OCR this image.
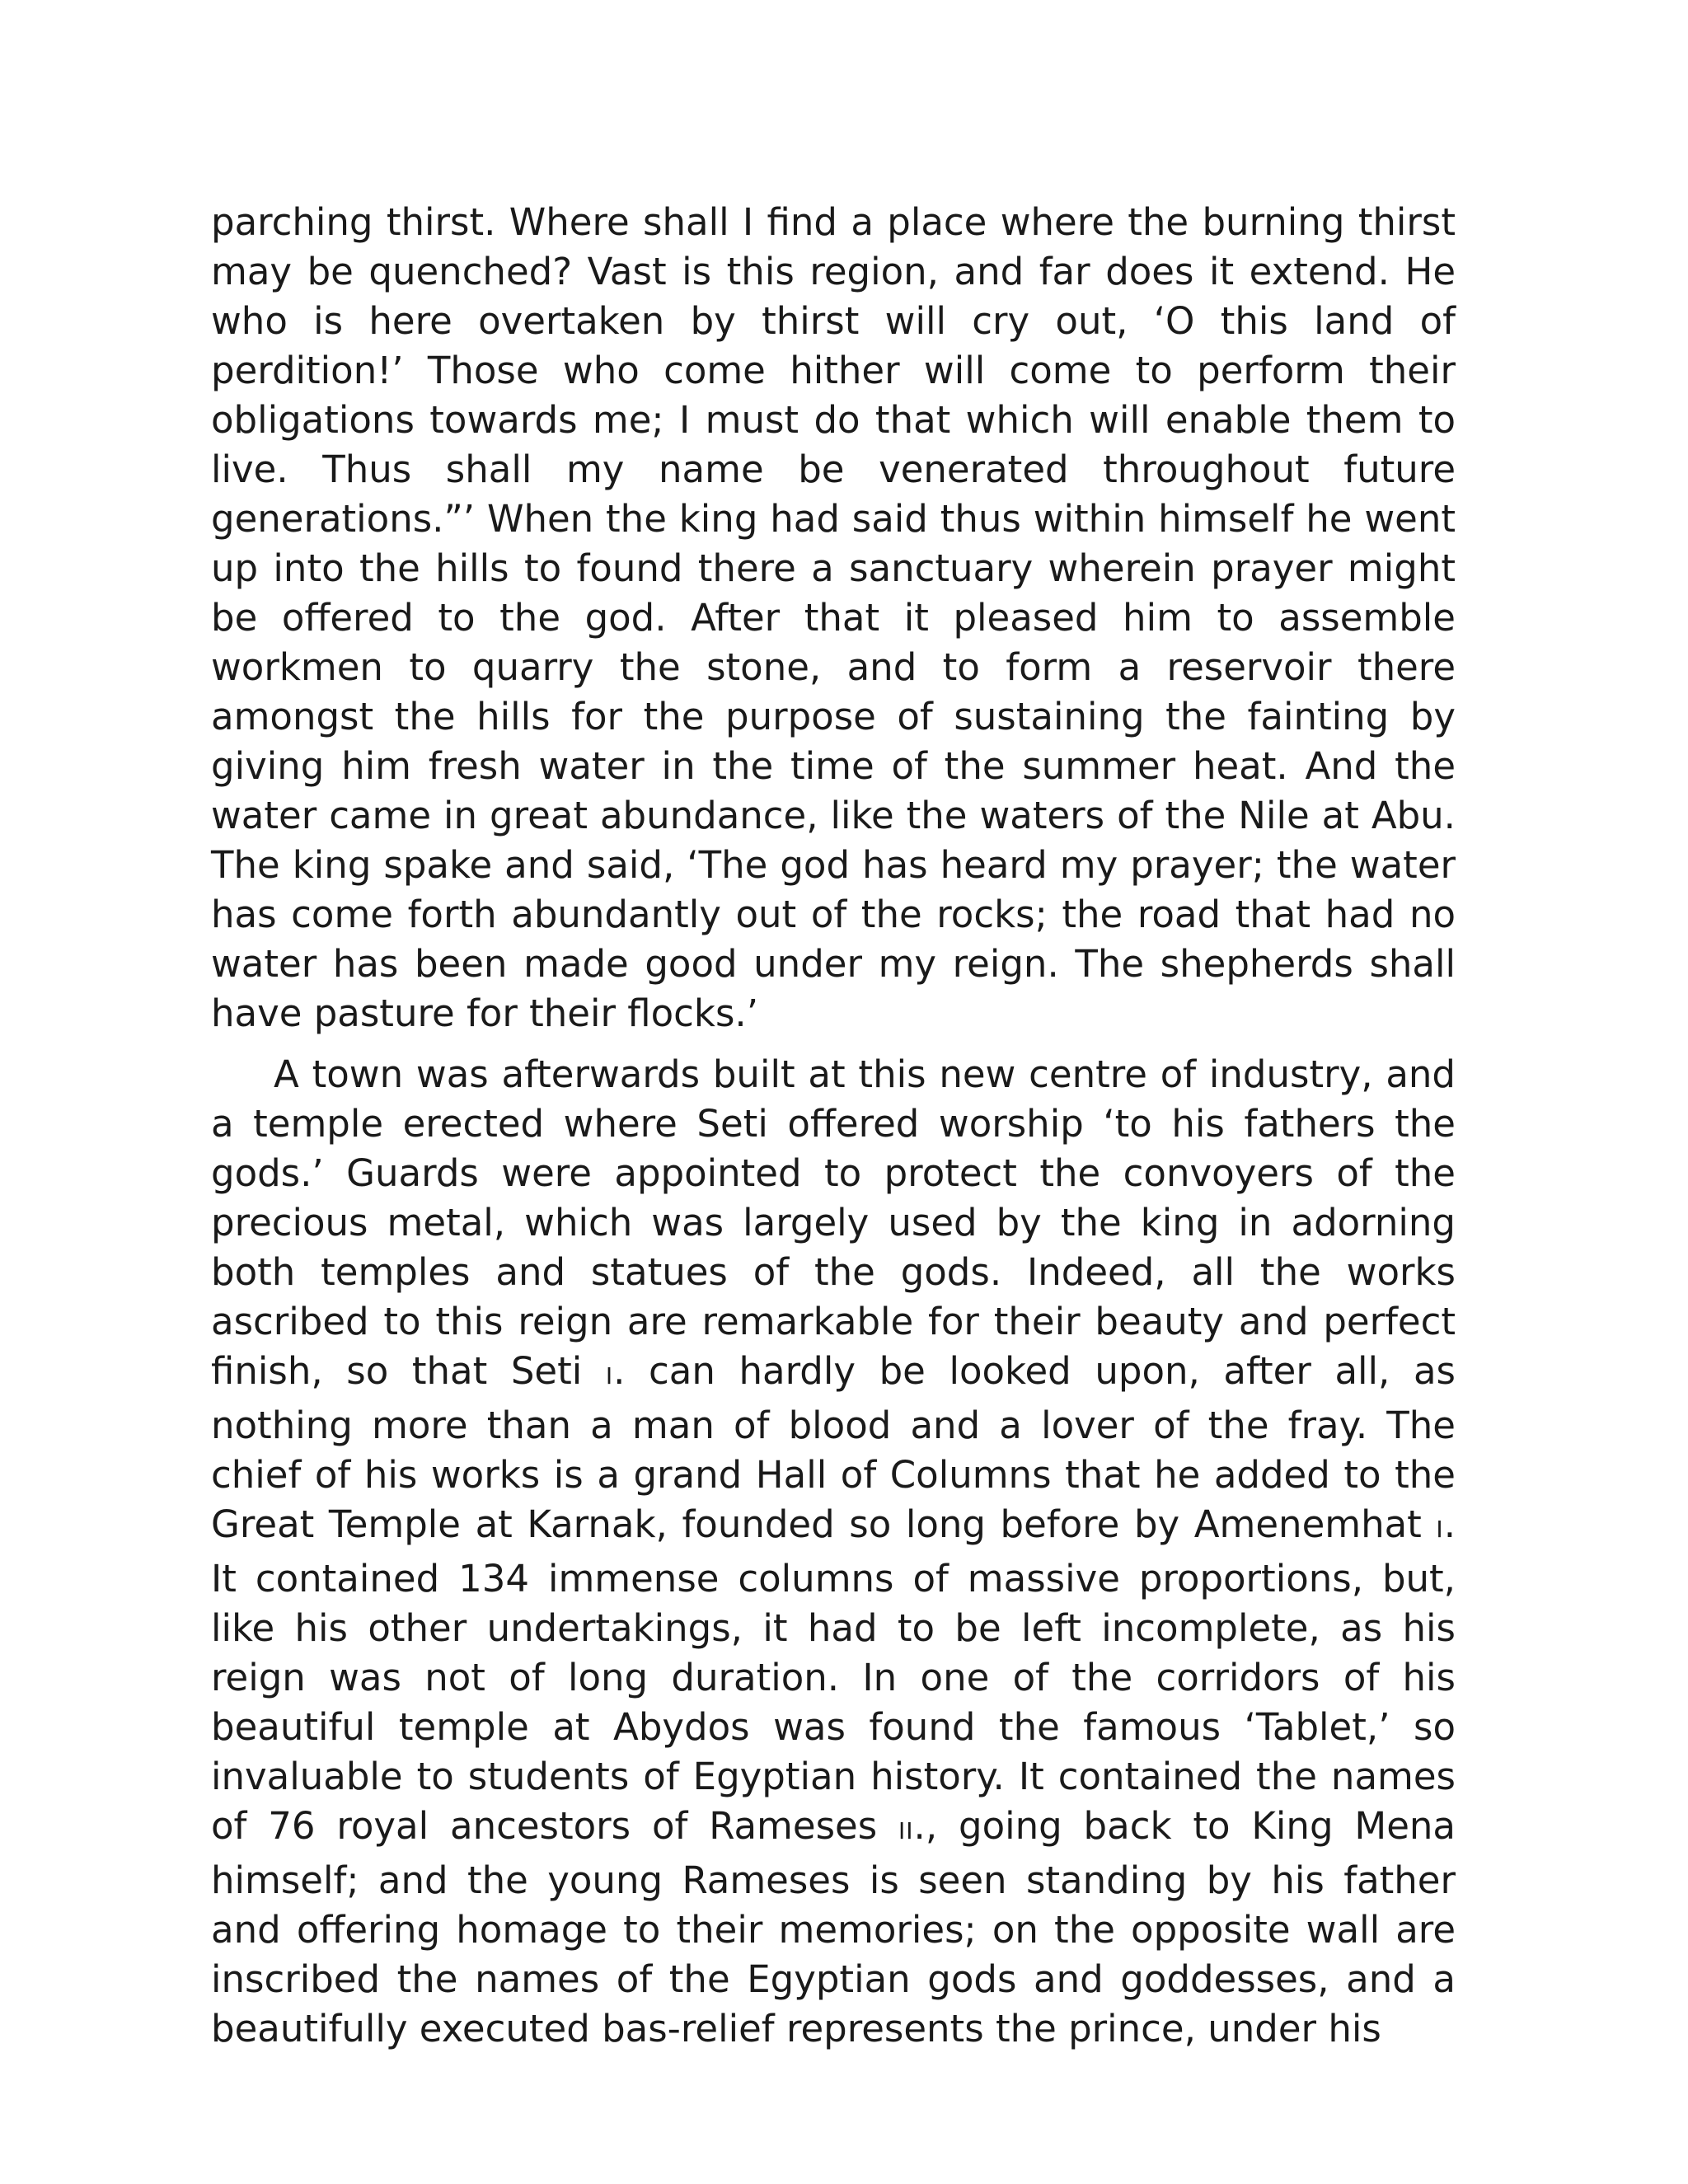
parching thirst. Where shall I find a place where the burning thirst may be quenched? Vast is this region, and far does it extend. He who is here overtaken by thirst will cry out, ‘O this land of perdition!’ Those who come hither will come to perform their obligations towards me; I must do that which will enable them to live. Thus shall my name be venerated throughout future generations.”’ When the king had said thus within himself he went up into the hills to found there a sanctuary wherein prayer might be offered to the god. After that it pleased him to assemble workmen to quarry the stone, and to form a reservoir there amongst the hills for the purpose of sustaining the fainting by giving him fresh water in the time of the summer heat. And the water came in great abundance, like the waters of the Nile at Abu. The king spake and said, ‘The god has heard my prayer; the water has come forth abundantly out of the rocks; the road that had no water has been made good under my reign. The shepherds shall have pasture for their flocks.’

A town was afterwards built at this new centre of industry, and a temple erected where Seti offered worship ‘to his fathers the gods.’ Guards were appointed to protect the convoyers of the precious metal, which was largely used by the king in adorning both temples and statues of the gods. Indeed, all the works ascribed to this reign are remarkable for their beauty and perfect finish, so that Seti I. can hardly be looked upon, after all, as nothing more than a man of blood and a lover of the fray. The chief of his works is a grand Hall of Columns that he added to the Great Temple at Karnak, founded so long before by Amenemhat I. It contained 134 immense columns of massive proportions, but, like his other undertakings, it had to be left incomplete, as his reign was not of long duration. In one of the corridors of his beautiful temple at Abydos was found the famous ‘Tablet,’ so invaluable to students of Egyptian history. It contained the names of 76 royal ancestors of Rameses II., going back to King Mena himself; and the young Rameses is seen standing by his father and offering homage to their memories; on the opposite wall are inscribed the names of the Egyptian gods and goddesses, and a beautifully executed bas-relief represents the prince, under his
